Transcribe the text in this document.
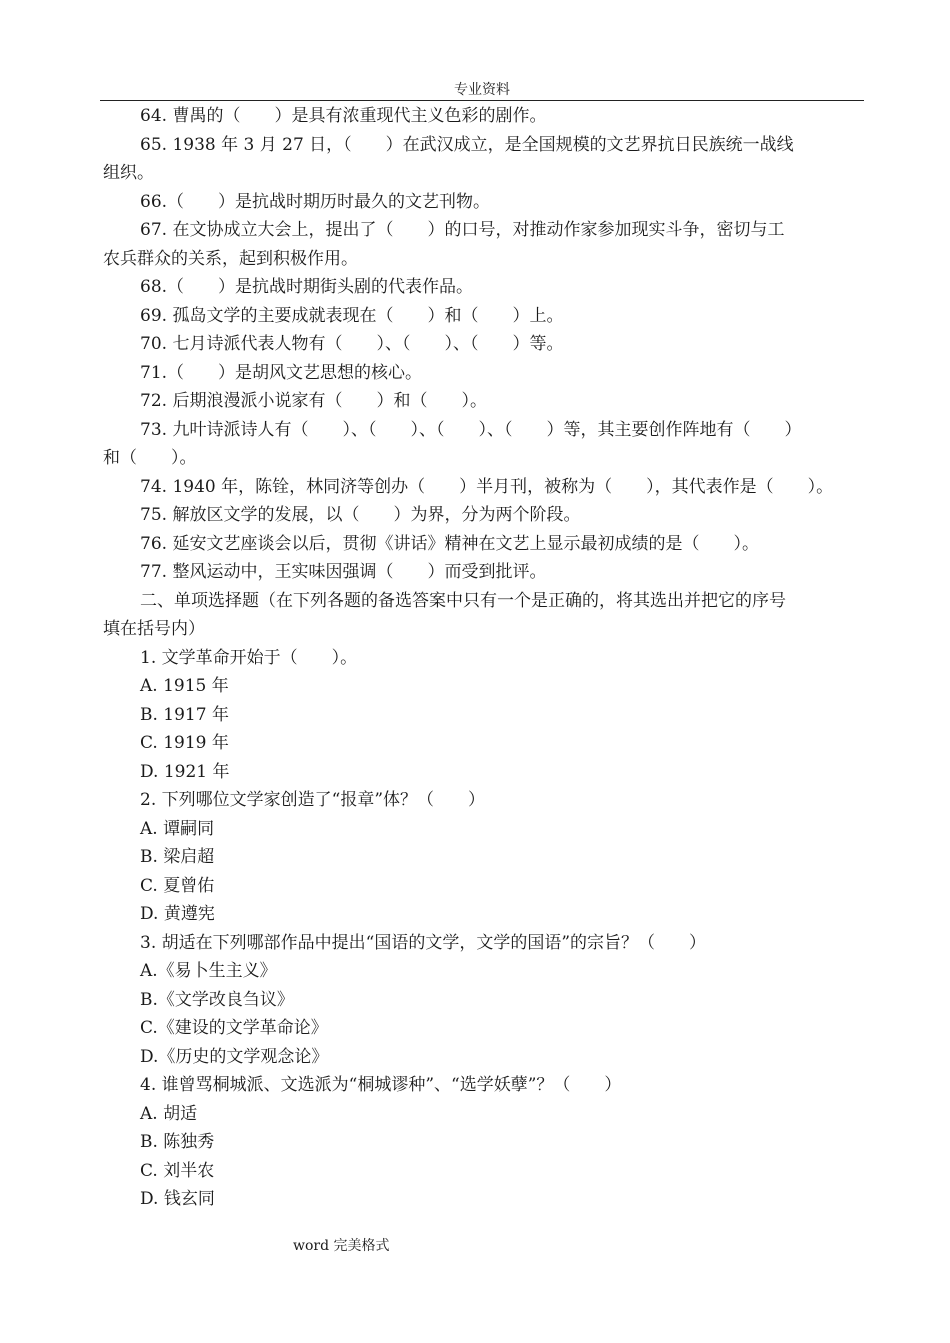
专业资料
64. 曹禺的（　　）是具有浓重现代主义色彩的剧作。
65. 1938 年 3 月 27 日，（　　）在武汉成立，是全国规模的文艺界抗日民族统一战线
组织。
66.（　　）是抗战时期历时最久的文艺刊物。
67. 在文协成立大会上，提出了（　　）的口号，对推动作家参加现实斗争，密切与工
农兵群众的关系，起到积极作用。
68.（　　）是抗战时期街头剧的代表作品。
69. 孤岛文学的主要成就表现在（　　）和（　　）上。
70. 七月诗派代表人物有（　　）、（　　）、（　　）等。
71.（　　）是胡风文艺思想的核心。
72. 后期浪漫派小说家有（　　）和（　　）。
73. 九叶诗派诗人有（　　）、（　　）、（　　）、（　　）等，其主要创作阵地有（　　）
和（　　）。
74. 1940 年，陈铨，林同济等创办（　　）半月刊，被称为（　　），其代表作是（　　）。
75. 解放区文学的发展，以（　　）为界，分为两个阶段。
76. 延安文艺座谈会以后，贯彻《讲话》精神在文艺上显示最初成绩的是（　　）。
77. 整风运动中，王实味因强调（　　）而受到批评。
二、单项选择题（在下列各题的备选答案中只有一个是正确的，将其选出并把它的序号
填在括号内）
1. 文学革命开始于（　　）。
A. 1915 年
B. 1917 年
C. 1919 年
D. 1921 年
2. 下列哪位文学家创造了“报章”体？（　　）
A. 谭嗣同
B. 梁启超
C. 夏曾佑
D. 黄遵宪
3. 胡适在下列哪部作品中提出“国语的文学，文学的国语”的宗旨？（　　）
A.《易卜生主义》
B.《文学改良刍议》
C.《建设的文学革命论》
D.《历史的文学观念论》
4. 谁曾骂桐城派、文选派为“桐城谬种”、“选学妖孽”？（　　）
A. 胡适
B. 陈独秀
C. 刘半农
D. 钱玄同
word 完美格式
